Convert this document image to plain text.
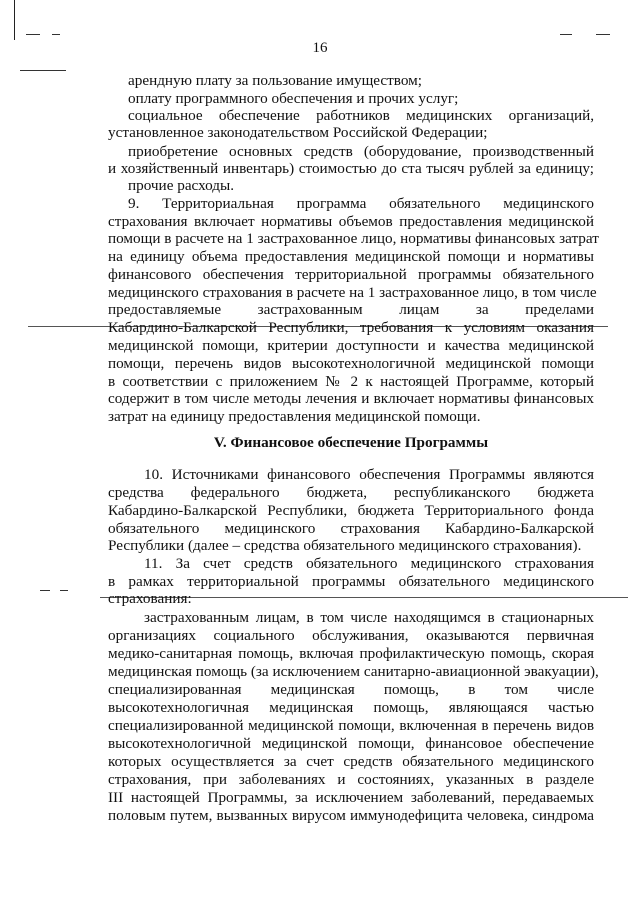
16
арендную плату за пользование имуществом;
оплату программного обеспечения и прочих услуг;
социальное обеспечение работников медицинских организаций,
установленное законодательством Российской Федерации;
приобретение основных средств (оборудование, производственный
и хозяйственный инвентарь) стоимостью до ста тысяч рублей за единицу;
прочие расходы.
9. Территориальная программа обязательного медицинского
страхования включает нормативы объемов предоставления медицинской
помощи в расчете на 1 застрахованное лицо, нормативы финансовых затрат
на единицу объема предоставления медицинской помощи и нормативы
финансового обеспечения территориальной программы обязательного
медицинского страхования в расчете на 1 застрахованное лицо, в том числе
предоставляемые застрахованным лицам за пределами
Кабардино-Балкарской Республики, требования к условиям оказания
медицинской помощи, критерии доступности и качества медицинской
помощи, перечень видов высокотехнологичной медицинской помощи
в соответствии с приложением № 2 к настоящей Программе, который
содержит в том числе методы лечения и включает нормативы финансовых
затрат на единицу предоставления медицинской помощи.
V. Финансовое обеспечение Программы
10. Источниками финансового обеспечения Программы являются
средства федерального бюджета, республиканского бюджета
Кабардино-Балкарской Республики, бюджета Территориального фонда
обязательного медицинского страхования Кабардино-Балкарской
Республики (далее – средства обязательного медицинского страхования).
11. За счет средств обязательного медицинского страхования
в рамках территориальной программы обязательного медицинского
страхования:
застрахованным лицам, в том числе находящимся в стационарных
организациях социального обслуживания, оказываются первичная
медико-санитарная помощь, включая профилактическую помощь, скорая
медицинская помощь (за исключением санитарно-авиационной эвакуации),
специализированная медицинская помощь, в том числе
высокотехнологичная медицинская помощь, являющаяся частью
специализированной медицинской помощи, включенная в перечень видов
высокотехнологичной медицинской помощи, финансовое обеспечение
которых осуществляется за счет средств обязательного медицинского
страхования, при заболеваниях и состояниях, указанных в разделе
III настоящей Программы, за исключением заболеваний, передаваемых
половым путем, вызванных вирусом иммунодефицита человека, синдрома
